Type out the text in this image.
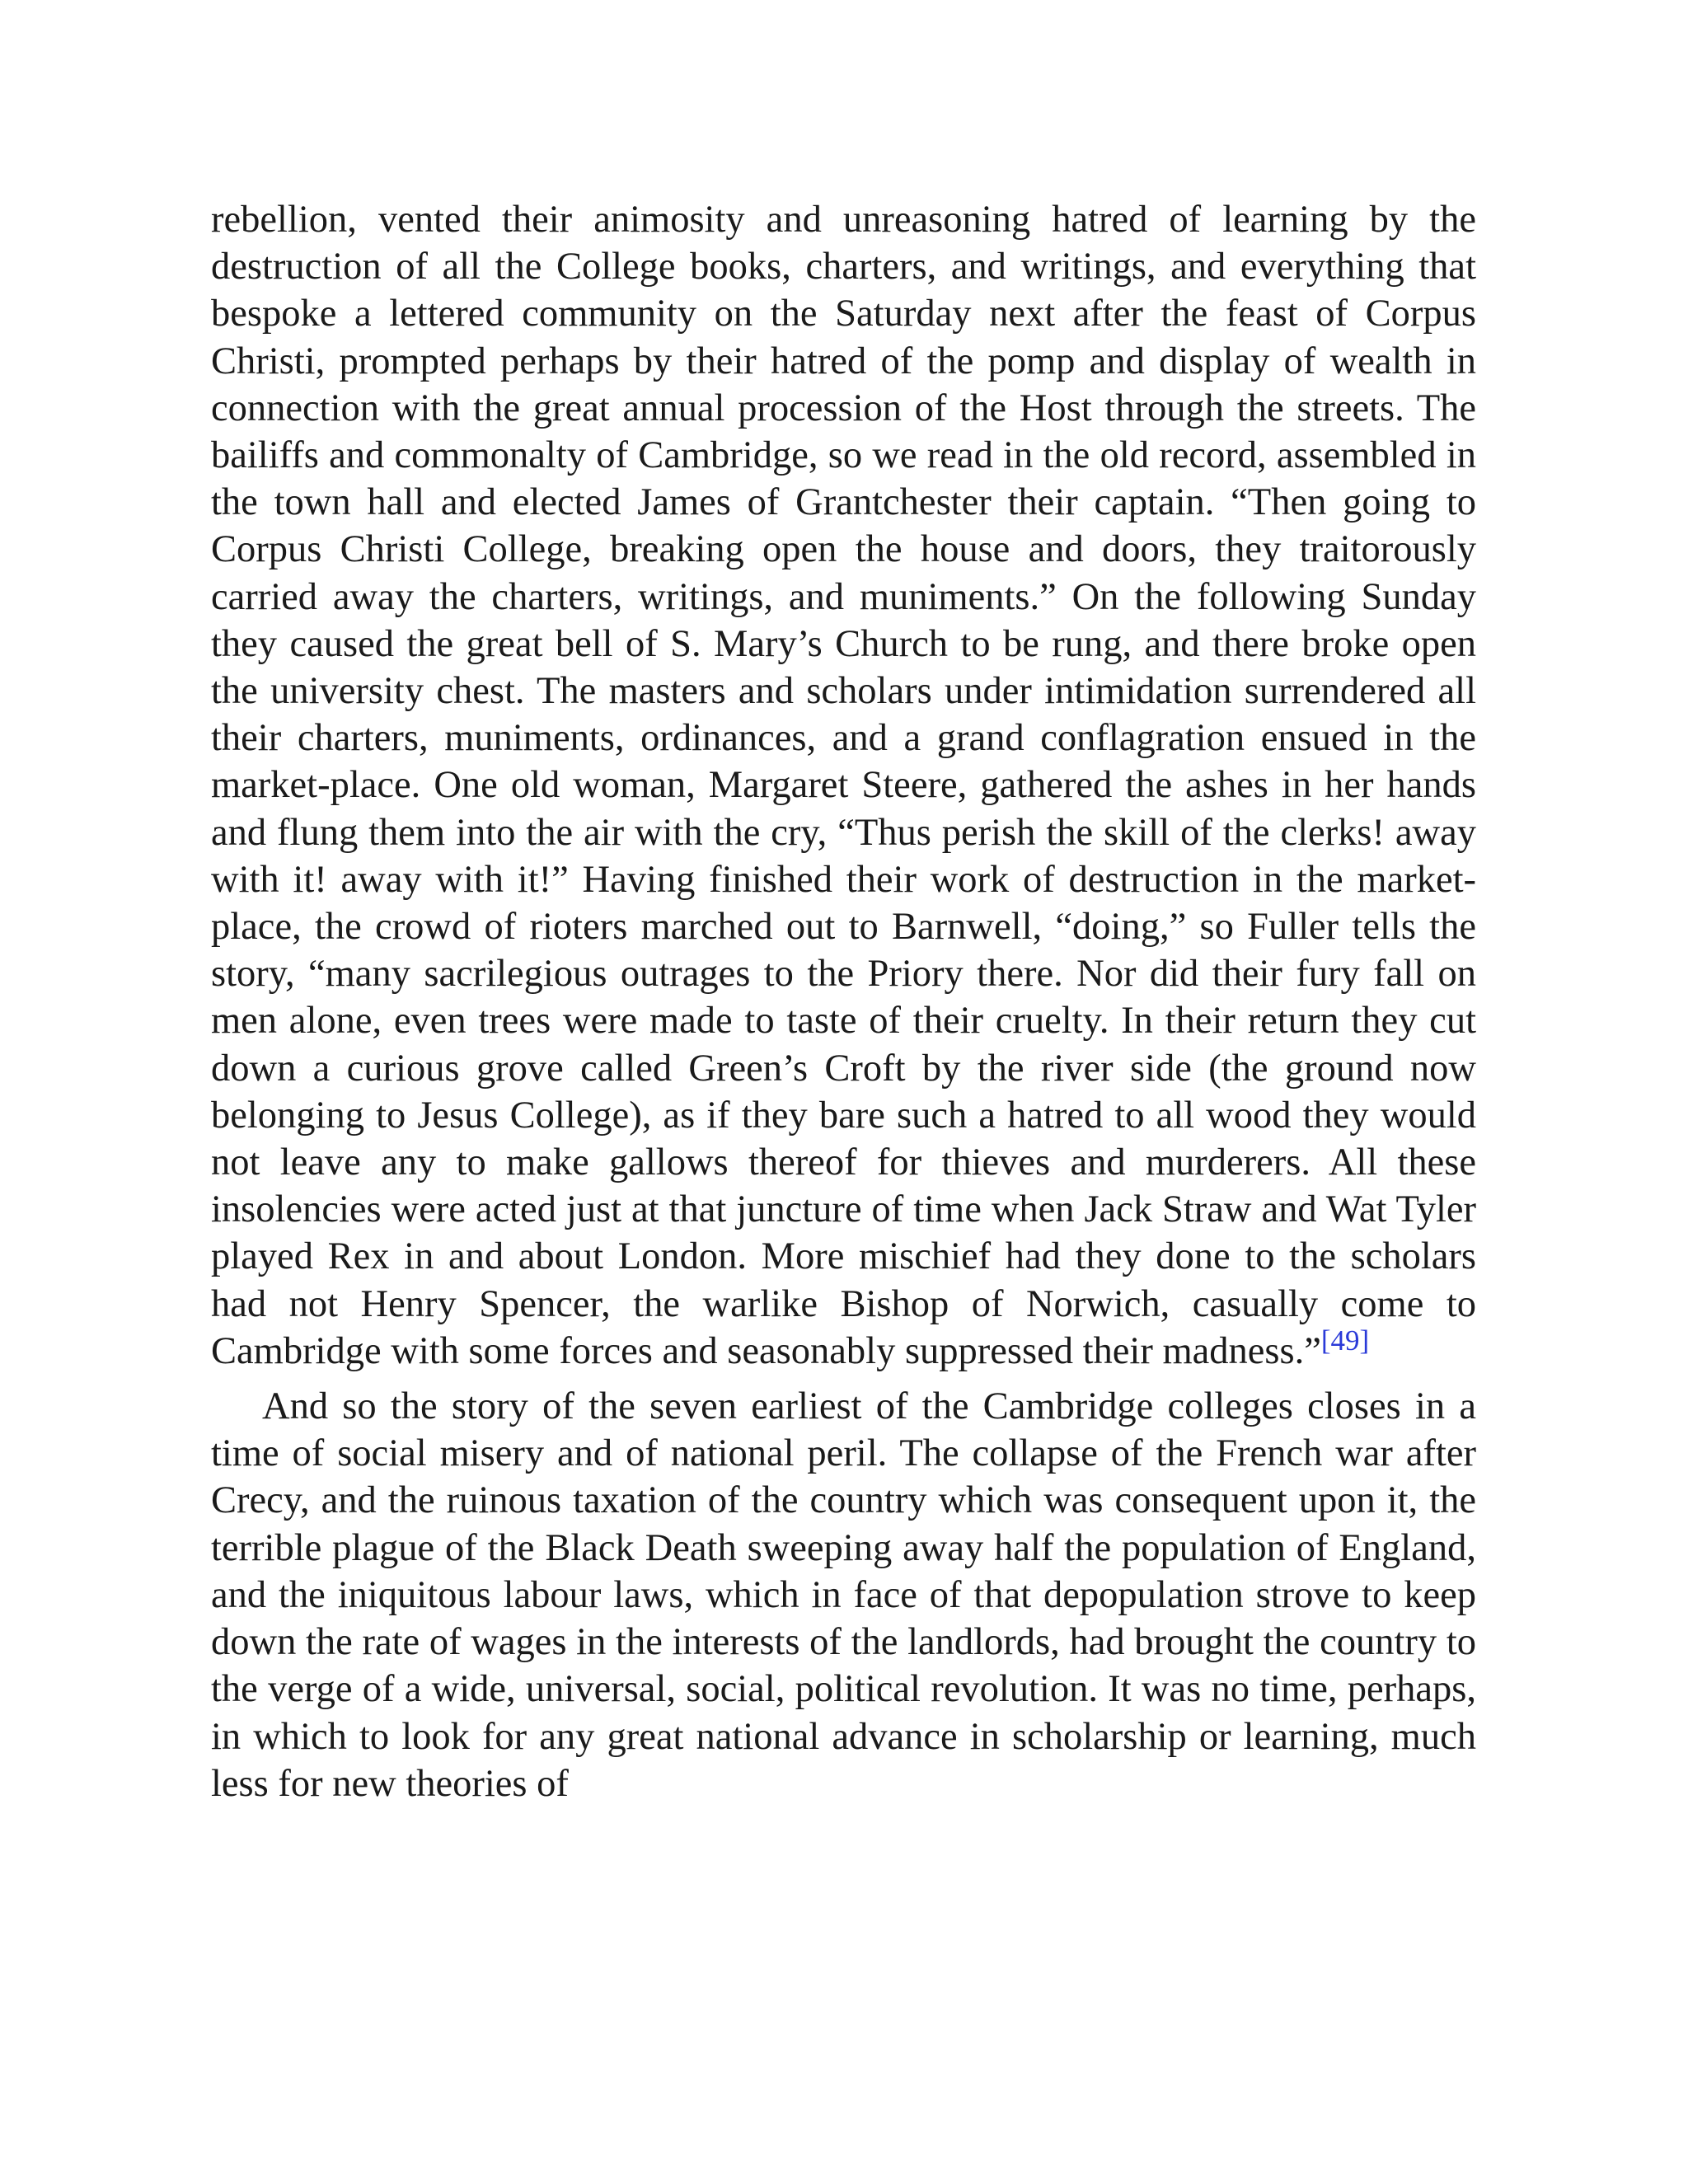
rebellion, vented their animosity and unreasoning hatred of learning by the destruction of all the College books, charters, and writings, and everything that bespoke a lettered community on the Saturday next after the feast of Corpus Christi, prompted perhaps by their hatred of the pomp and display of wealth in connection with the great annual procession of the Host through the streets. The bailiffs and commonalty of Cambridge, so we read in the old record, assembled in the town hall and elected James of Grantchester their captain. “Then going to Corpus Christi College, breaking open the house and doors, they traitorously carried away the charters, writings, and muniments.” On the following Sunday they caused the great bell of S. Mary’s Church to be rung, and there broke open the university chest. The masters and scholars under intimidation surrendered all their charters, muniments, ordinances, and a grand conflagration ensued in the market-place. One old woman, Margaret Steere, gathered the ashes in her hands and flung them into the air with the cry, “Thus perish the skill of the clerks! away with it! away with it!” Having finished their work of destruction in the market-place, the crowd of rioters marched out to Barnwell, “doing,” so Fuller tells the story, “many sacrilegious outrages to the Priory there. Nor did their fury fall on men alone, even trees were made to taste of their cruelty. In their return they cut down a curious grove called Green’s Croft by the river side (the ground now belonging to Jesus College), as if they bare such a hatred to all wood they would not leave any to make gallows thereof for thieves and murderers. All these insolencies were acted just at that juncture of time when Jack Straw and Wat Tyler played Rex in and about London. More mischief had they done to the scholars had not Henry Spencer, the warlike Bishop of Norwich, casually come to Cambridge with some forces and seasonably suppressed their madness.”[49]

And so the story of the seven earliest of the Cambridge colleges closes in a time of social misery and of national peril. The collapse of the French war after Crecy, and the ruinous taxation of the country which was consequent upon it, the terrible plague of the Black Death sweeping away half the population of England, and the iniquitous labour laws, which in face of that depopulation strove to keep down the rate of wages in the interests of the landlords, had brought the country to the verge of a wide, universal, social, political revolution. It was no time, perhaps, in which to look for any great national advance in scholarship or learning, much less for new theories of
